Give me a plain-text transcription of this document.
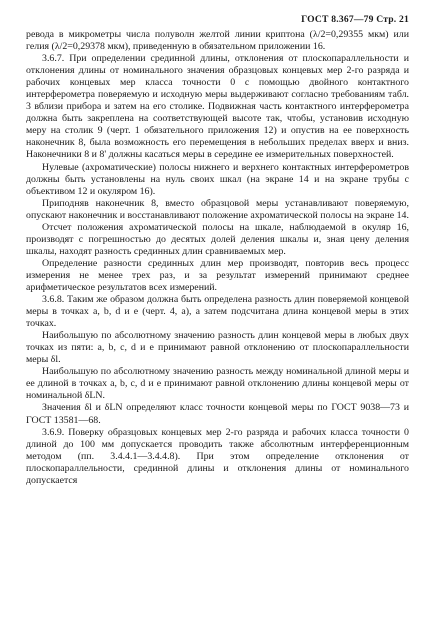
ГОСТ 8.367—79 Стр. 21

ревода в микрометры числа полуволн желтой линии криптона (λ/2=0,29355 мкм) или гелия (λ/2=0,29378 мкм), приведенную в обязательном приложении 16.

3.6.7. При определении срединной длины, отклонения от плоскопараллельности и отклонения длины от номинального значения образцовых концевых мер 2-го разряда и рабочих концевых мер класса точности 0 с помощью двойного контактного интерферометра поверяемую и исходную меры выдерживают согласно требованиям табл. 3 вблизи прибора и затем на его столике. Подвижная часть контактного интерферометра должна быть закреплена на соответствующей высоте так, чтобы, установив исходную меру на столик 9 (черт. 1 обязательного приложения 12) и опустив на ее поверхность наконечник 8, была возможность его перемещения в небольших пределах вверх и вниз. Наконечники 8 и 8' должны касаться меры в середине ее измерительных поверхностей.

Нулевые (ахроматические) полосы нижнего и верхнего контактных интерферометров должны быть установлены на нуль своих шкал (на экране 14 и на экране трубы с объективом 12 и окуляром 16).

Приподняв наконечник 8, вместо образцовой меры устанавливают поверяемую, опускают наконечник и восстанавливают положение ахроматической полосы на экране 14.

Отсчет положения ахроматической полосы на шкале, наблюдаемой в окуляр 16, производят с погрешностью до десятых долей деления шкалы и, зная цену деления шкалы, находят разность срединных длин сравниваемых мер.

Определение разности срединных длин мер производят, повторив весь процесс измерения не менее трех раз, и за результат измерений принимают среднее арифметическое результатов всех измерений.

3.6.8. Таким же образом должна быть определена разность длин поверяемой концевой меры в точках a, b, d и e (черт. 4, a), а затем подсчитана длина концевой меры в этих точках.

Наибольшую по абсолютному значению разность длин концевой меры в любых двух точках из пяти: a, b, c, d и e принимают равной отклонению от плоскопараллельности меры δl.

Наибольшую по абсолютному значению разность между номинальной длиной меры и ее длиной в точках a, b, c, d и e принимают равной отклонению длины концевой меры от номинальной δLN.

Значения δl и δLN определяют класс точности концевой меры по ГОСТ 9038—73 и ГОСТ 13581—68.

3.6.9. Поверку образцовых концевых мер 2-го разряда и рабочих класса точности 0 длиной до 100 мм допускается проводить также абсолютным интерференционным методом (пп. 3.4.4.1—3.4.4.8). При этом определение отклонения от плоскопараллельности, срединной длины и отклонения длины от номинального допускается
